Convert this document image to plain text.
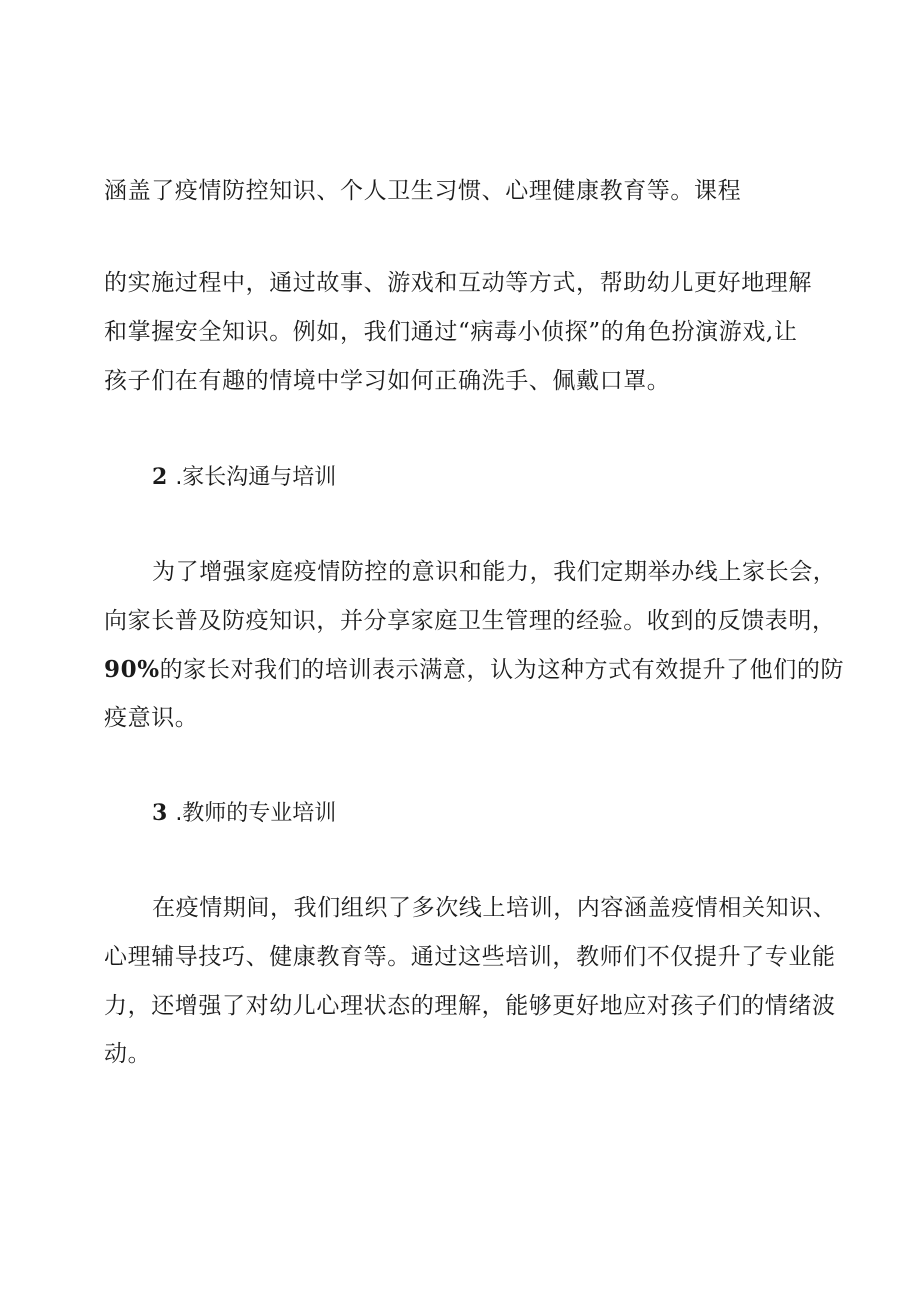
涵盖了疫情防控知识、个人卫生习惯、心理健康教育等。课程
的实施过程中，通过故事、游戏和互动等方式，帮助幼儿更好地理解
和掌握安全知识。例如，我们通过“病毒小侦探”的角色扮演游戏,让
孩子们在有趣的情境中学习如何正确洗手、佩戴口罩。
2 .家长沟通与培训
为了增强家庭疫情防控的意识和能力，我们定期举办线上家长会，
向家长普及防疫知识，并分享家庭卫生管理的经验。收到的反馈表明，
90%的家长对我们的培训表示满意，认为这种方式有效提升了他们的防
疫意识。
3 .教师的专业培训
在疫情期间，我们组织了多次线上培训，内容涵盖疫情相关知识、
心理辅导技巧、健康教育等。通过这些培训，教师们不仅提升了专业能
力，还增强了对幼儿心理状态的理解，能够更好地应对孩子们的情绪波
动。
